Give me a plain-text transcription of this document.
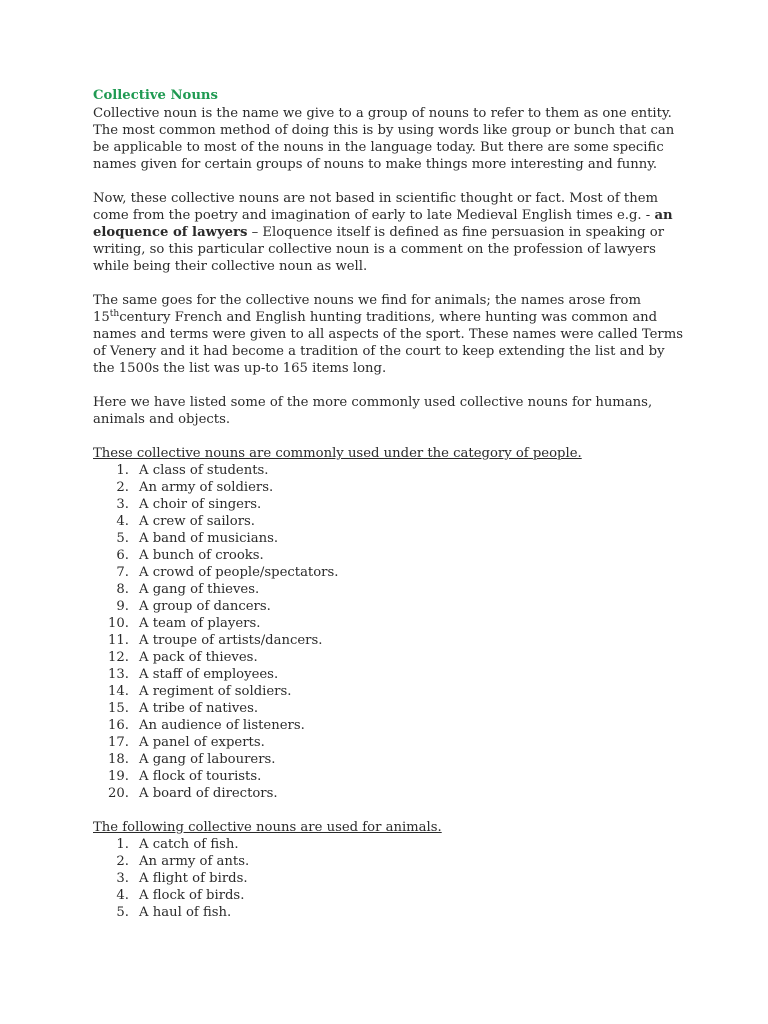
Collective Nouns

Collective noun is the name we give to a group of nouns to refer to them as one entity. The most common method of doing this is by using words like group or bunch that can be applicable to most of the nouns in the language today. But there are some specific names given for certain groups of nouns to make things more interesting and funny.

Now, these collective nouns are not based in scientific thought or fact. Most of them come from the poetry and imagination of early to late Medieval English times e.g. - an eloquence of lawyers – Eloquence itself is defined as fine persuasion in speaking or writing, so this particular collective noun is a comment on the profession of lawyers while being their collective noun as well.

The same goes for the collective nouns we find for animals; the names arose from 15thcentury French and English hunting traditions, where hunting was common and names and terms were given to all aspects of the sport. These names were called Terms of Venery and it had become a tradition of the court to keep extending the list and by the 1500s the list was up-to 165 items long.

Here we have listed some of the more commonly used collective nouns for humans, animals and objects.

These collective nouns are commonly used under the category of people.
1. A class of students.
2. An army of soldiers.
3. A choir of singers.
4. A crew of sailors.
5. A band of musicians.
6. A bunch of crooks.
7. A crowd of people/spectators.
8. A gang of thieves.
9. A group of dancers.
10. A team of players.
11. A troupe of artists/dancers.
12. A pack of thieves.
13. A staff of employees.
14. A regiment of soldiers.
15. A tribe of natives.
16. An audience of listeners.
17. A panel of experts.
18. A gang of labourers.
19. A flock of tourists.
20. A board of directors.
The following collective nouns are used for animals.
1. A catch of fish.
2. An army of ants.
3. A flight of birds.
4. A flock of birds.
5. A haul of fish.
